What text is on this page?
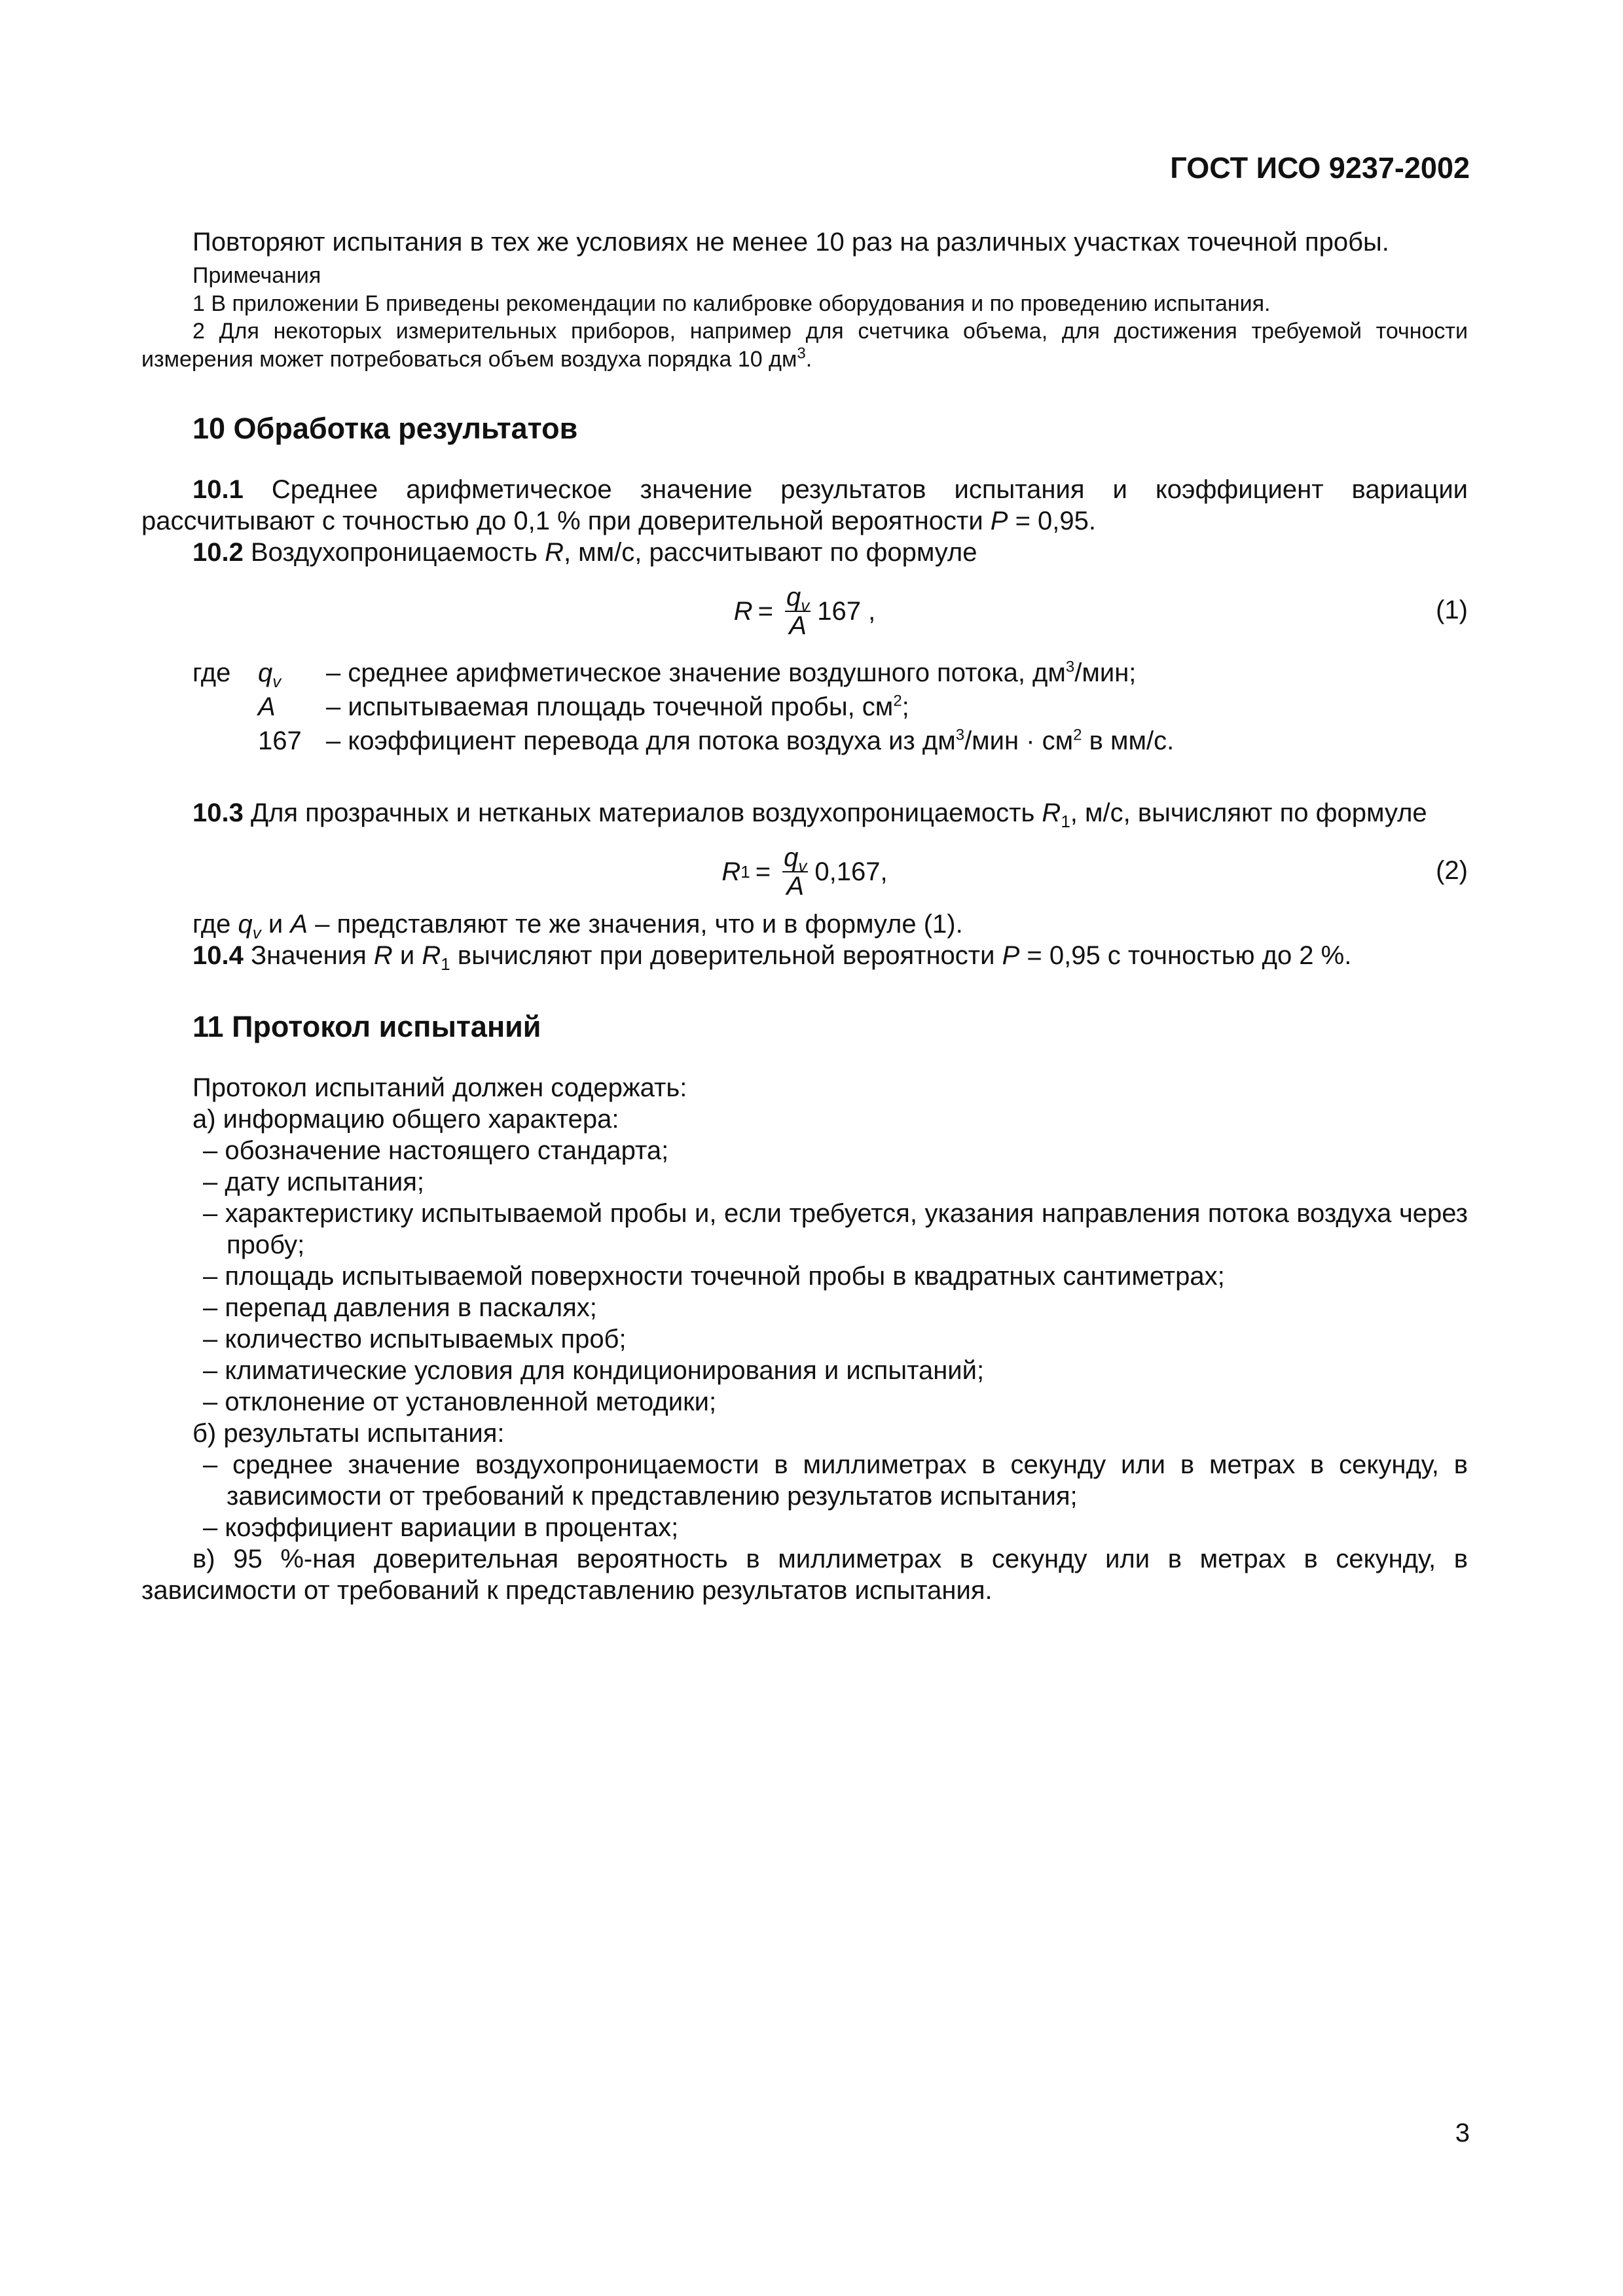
ГОСТ ИСО 9237-2002

Повторяют испытания в тех же условиях не менее 10 раз на различных участках точечной пробы.

Примечания

1 В приложении Б приведены рекомендации по калибровке оборудования и по проведению испытания.

2 Для некоторых измерительных приборов, например для счетчика объема, для достижения требуемой точности измерения может потребоваться объем воздуха порядка 10 $дм^3$.

10 Обработка результатов

10.1 Среднее арифметическое значение результатов испытания и коэффициент вариации рассчитывают с точностью до 0,1 % при доверительной вероятности P = 0,95.

10.2 Воздухопроницаемость R, мм/с, рассчитывают по формуле

$R = \frac{q_v}{A} 167$ ,	(1)
где	$q_v$	– среднее арифметическое значение воздушного потока, $дм^3$/мин;
	A	– испытываемая площадь точечной пробы, $см^2$;
	167	– коэффициент перевода для потока воздуха из $дм^3$/мин · $см^2$ в мм/с.

10.3 Для прозрачных и нетканых материалов воздухопроницаемость $R_1$, м/с, вычисляют по формуле

R $1 = \frac{q_v}{A} 0,167$,	(2)

где $q_v$ и A – представляют те же значения, что и в формуле (1).

10.4 Значения R и $R_1$ вычисляют при доверительной вероятности P = 0,95 с точностью до 2 %.

11 Протокол испытаний

Протокол испытаний должен содержать:

а) информацию общего характера:

– обозначение настоящего стандарта;

– дату испытания;

– характеристику испытываемой пробы и, если требуется, указания направления потока воздуха через пробу;

– площадь испытываемой поверхности точечной пробы в квадратных сантиметрах;

– перепад давления в паскалях;

– количество испытываемых проб;

– климатические условия для кондиционирования и испытаний;

– отклонение от установленной методики;

б) результаты испытания:

– среднее значение воздухопроницаемости в миллиметрах в секунду или в метрах в секунду, в зависимости от требований к представлению результатов испытания;

– коэффициент вариации в процентах;

в) 95 %-ная доверительная вероятность в миллиметрах в секунду или в метрах в секунду, в зависимости от требований к представлению результатов испытания.

3
